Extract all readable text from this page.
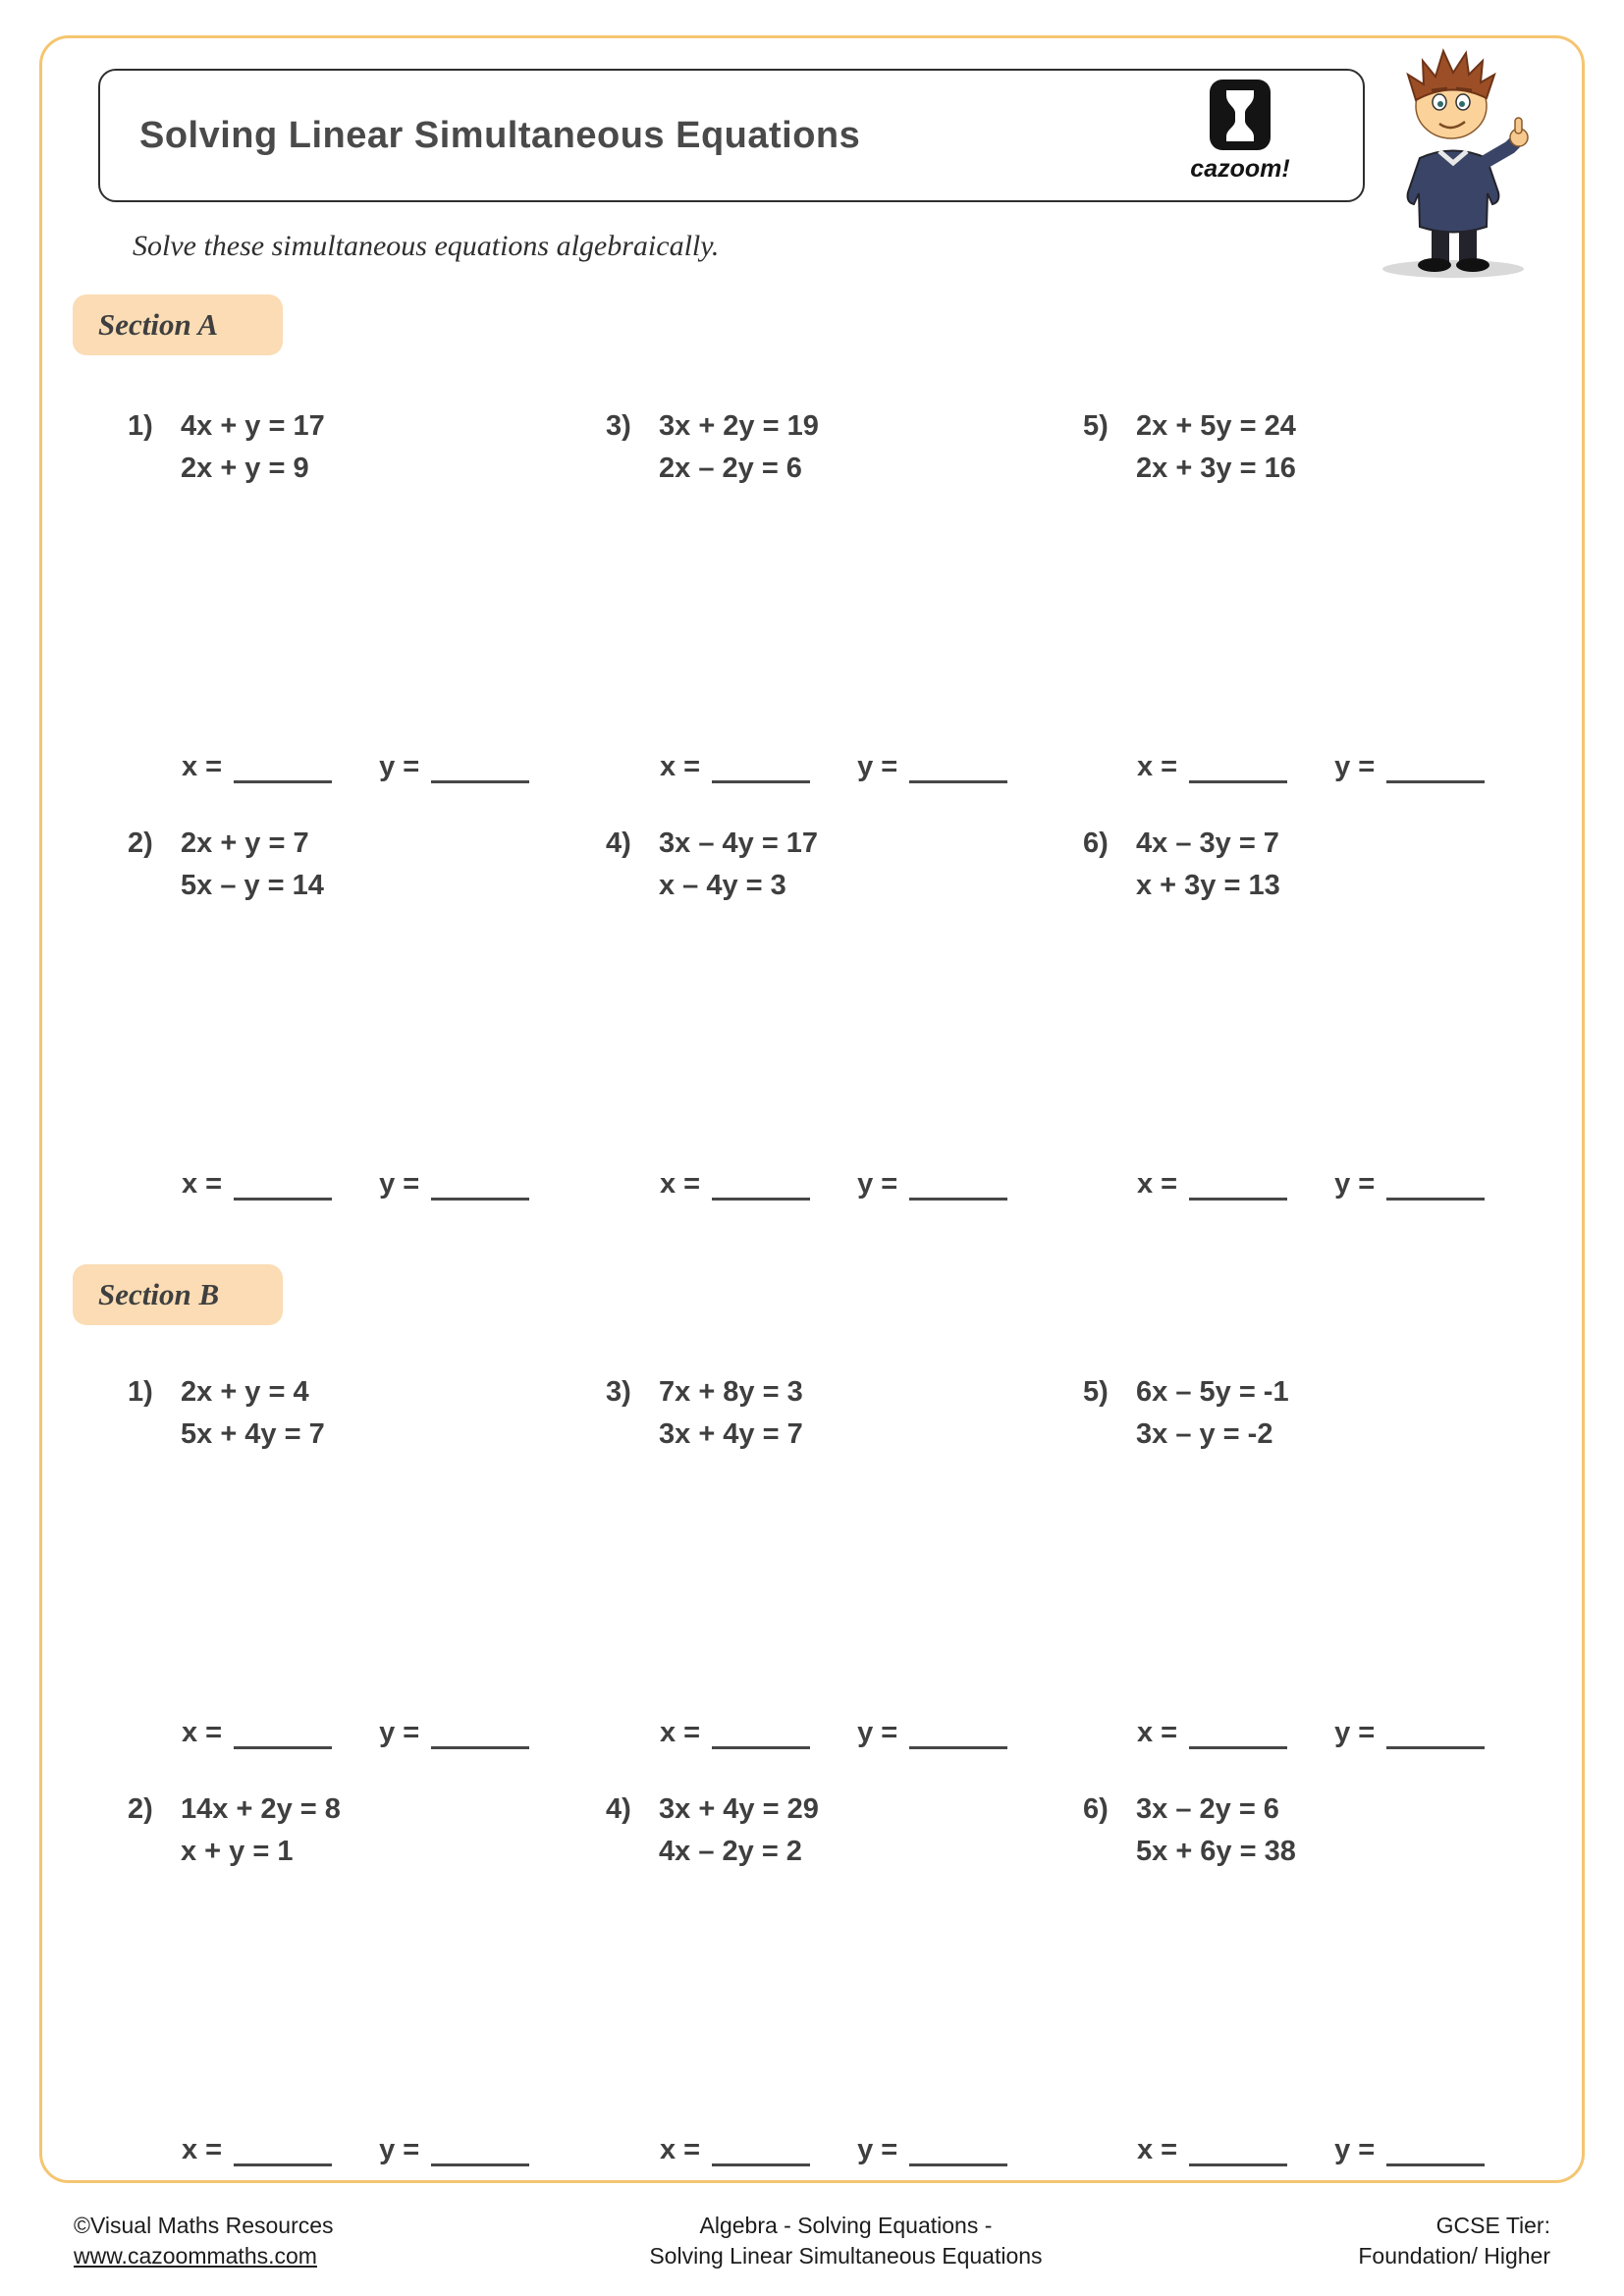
Solving Linear Simultaneous Equations
cazoom!

Solve these simultaneous equations algebraically.

Section A
1) 4x + y = 17
2x + y = 9
x =	y =
3) 3x + 2y = 19
2x – 2y = 6
x =	y =
5) 2x + 5y = 24
2x + 3y = 16
x =	y =
2) 2x + y = 7
5x – y = 14
x =	y =
4) 3x – 4y = 17
x – 4y = 3
x =	y =
6) 4x – 3y = 7
x + 3y = 13
x =	y =
Section B
1) 2x + y = 4
5x + 4y = 7
x =	y =
3) 7x + 8y = 3
3x + 4y = 7
x =	y =
5) 6x – 5y = -1
3x – y = -2
x =	y =
2) 14x + 2y = 8
x + y = 1
x =	y =
4) 3x + 4y = 29
4x – 2y = 2
x =	y =
6) 3x – 2y = 6
5x + 6y = 38
x =	y =
©Visual Maths Resources
www.cazoommaths.com
Algebra - Solving Equations -
Solving Linear Simultaneous Equations
GCSE Tier:
Foundation/ Higher
